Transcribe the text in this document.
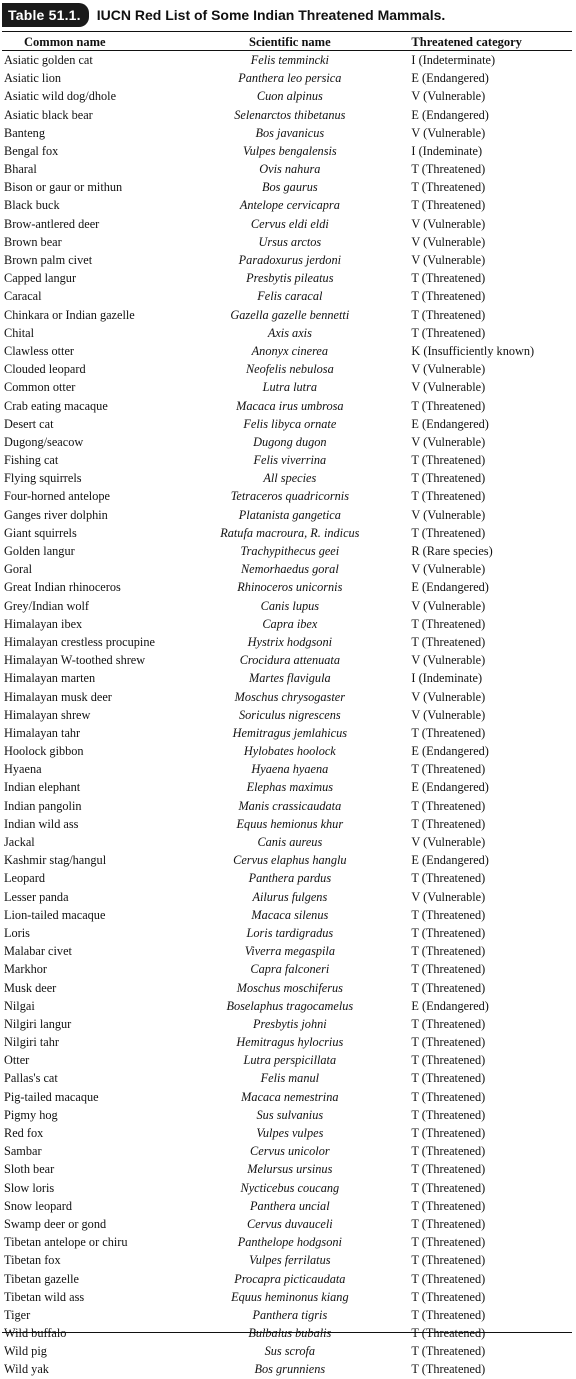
Table 51.1.	IUCN Red List of Some Indian Threatened Mammals.
Common name	Scientific name	Threatened category
Asiatic golden cat	Felis temmincki	I (Indeterminate)
Asiatic lion	Panthera leo persica	E (Endangered)
Asiatic wild dog/dhole	Cuon alpinus	V (Vulnerable)
Asiatic black bear	Selenarctos thibetanus	E (Endangered)
Banteng	Bos javanicus	V (Vulnerable)
Bengal fox	Vulpes bengalensis	I (Indeminate)
Bharal	Ovis nahura	T (Threatened)
Bison or gaur or mithun	Bos gaurus	T (Threatened)
Black buck	Antelope cervicapra	T (Threatened)
Brow-antlered deer	Cervus eldi eldi	V (Vulnerable)
Brown bear	Ursus arctos	V (Vulnerable)
Brown palm civet	Paradoxurus jerdoni	V (Vulnerable)
Capped langur	Presbytis pileatus	T (Threatened)
Caracal	Felis caracal	T (Threatened)
Chinkara or Indian gazelle	Gazella gazelle bennetti	T (Threatened)
Chital	Axis axis	T (Threatened)
Clawless otter	Anonyx cinerea	K (Insufficiently known)
Clouded leopard	Neofelis nebulosa	V (Vulnerable)
Common otter	Lutra lutra	V (Vulnerable)
Crab eating macaque	Macaca irus umbrosa	T (Threatened)
Desert cat	Felis libyca ornate	E (Endangered)
Dugong/seacow	Dugong dugon	V (Vulnerable)
Fishing cat	Felis viverrina	T (Threatened)
Flying squirrels	All species	T (Threatened)
Four-horned antelope	Tetraceros quadricornis	T (Threatened)
Ganges river dolphin	Platanista gangetica	V (Vulnerable)
Giant squirrels	Ratufa macroura, R. indicus	T (Threatened)
Golden langur	Trachypithecus geei	R (Rare species)
Goral	Nemorhaedus goral	V (Vulnerable)
Great Indian rhinoceros	Rhinoceros unicornis	E (Endangered)
Grey/Indian wolf	Canis lupus	V (Vulnerable)
Himalayan ibex	Capra ibex	T (Threatened)
Himalayan crestless procupine	Hystrix hodgsoni	T (Threatened)
Himalayan W-toothed shrew	Crocidura attenuata	V (Vulnerable)
Himalayan marten	Martes flavigula	I (Indeminate)
Himalayan musk deer	Moschus chrysogaster	V (Vulnerable)
Himalayan shrew	Soriculus nigrescens	V (Vulnerable)
Himalayan tahr	Hemitragus jemlahicus	T (Threatened)
Hoolock gibbon	Hylobates hoolock	E (Endangered)
Hyaena	Hyaena hyaena	T (Threatened)
Indian elephant	Elephas maximus	E (Endangered)
Indian pangolin	Manis crassicaudata	T (Threatened)
Indian wild ass	Equus hemionus khur	T (Threatened)
Jackal	Canis aureus	V (Vulnerable)
Kashmir stag/hangul	Cervus elaphus hanglu	E (Endangered)
Leopard	Panthera pardus	T (Threatened)
Lesser panda	Ailurus fulgens	V (Vulnerable)
Lion-tailed macaque	Macaca silenus	T (Threatened)
Loris	Loris tardigradus	T (Threatened)
Malabar civet	Viverra megaspila	T (Threatened)
Markhor	Capra falconeri	T (Threatened)
Musk deer	Moschus moschiferus	T (Threatened)
Nilgai	Boselaphus tragocamelus	E (Endangered)
Nilgiri langur	Presbytis johni	T (Threatened)
Nilgiri tahr	Hemitragus hylocrius	T (Threatened)
Otter	Lutra perspicillata	T (Threatened)
Pallas's cat	Felis manul	T (Threatened)
Pig-tailed macaque	Macaca nemestrina	T (Threatened)
Pigmy hog	Sus sulvanius	T (Threatened)
Red fox	Vulpes vulpes	T (Threatened)
Sambar	Cervus unicolor	T (Threatened)
Sloth bear	Melursus ursinus	T (Threatened)
Slow loris	Nycticebus coucang	T (Threatened)
Snow leopard	Panthera uncial	T (Threatened)
Swamp deer or gond	Cervus duvauceli	T (Threatened)
Tibetan antelope or chiru	Panthelope hodgsoni	T (Threatened)
Tibetan fox	Vulpes ferrilatus	T (Threatened)
Tibetan gazelle	Procapra picticaudata	T (Threatened)
Tibetan wild ass	Equus heminonus kiang	T (Threatened)
Tiger	Panthera tigris	T (Threatened)
Wild buffalo	Bulbalus bubalis	T (Threatened)
Wild pig	Sus scrofa	T (Threatened)
Wild yak	Bos grunniens	T (Threatened)
